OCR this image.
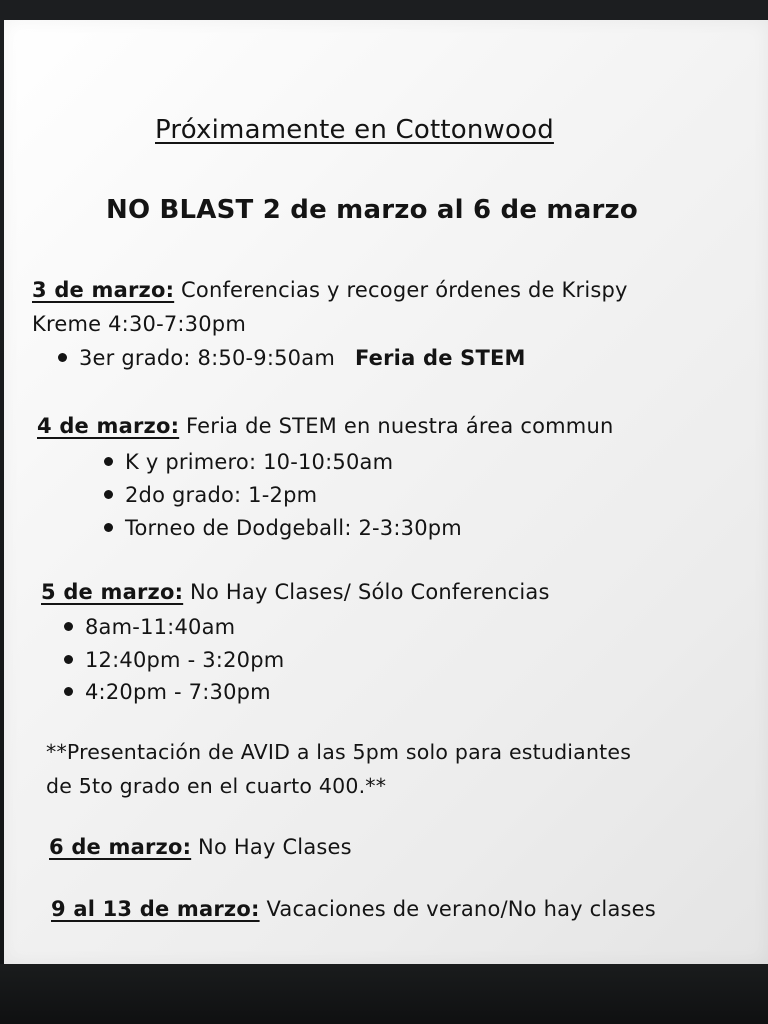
Próximamente en Cottonwood
NO BLAST 2 de marzo al 6 de marzo
3 de marzo: Conferencias y recoger órdenes de Krispy
Kreme 4:30-7:30pm
3er grado: 8:50-9:50am Feria de STEM
4 de marzo: Feria de STEM en nuestra área commun
K y primero: 10-10:50am
2do grado: 1-2pm
Torneo de Dodgeball: 2-3:30pm
5 de marzo: No Hay Clases/ Sólo Conferencias
8am-11:40am
12:40pm - 3:20pm
4:20pm - 7:30pm
**Presentación de AVID a las 5pm solo para estudiantes
de 5to grado en el cuarto 400.**
6 de marzo: No Hay Clases
9 al 13 de marzo: Vacaciones de verano/No hay clases
